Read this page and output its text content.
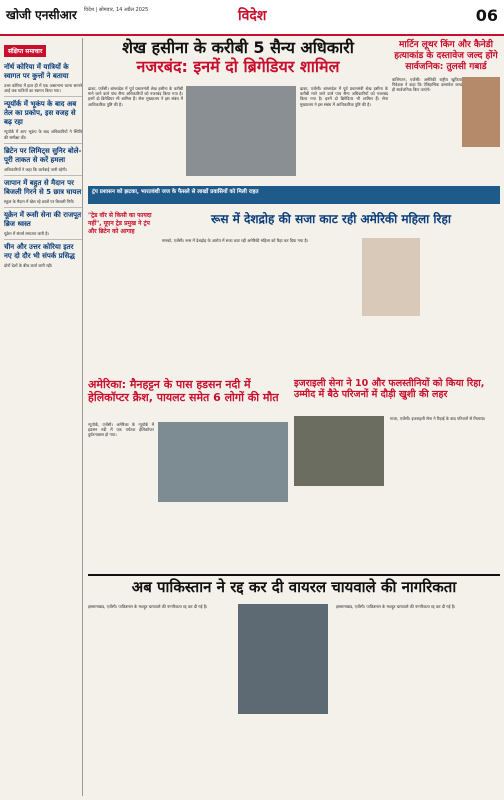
खोजी एनसीआर विदेश | सोमवार, 14 अप्रैल 2025	विदेश	06
संक्षिप्त समाचार
नॉर्थ कोरिया में यात्रियों के स्वागत पर कुत्तों ने बताया
उत्तर कोरिया में हाल ही में एक असामान्य घटना सामने आई जब यात्रियों का स्वागत किया गया।
न्यूयॉर्क में भूकंप के बाद अब तेल का प्रकोप, इस वजह से बढ़ रहा
न्यूयॉर्क में आए भूकंप के बाद अधिकारियों ने स्थिति की समीक्षा की।
ब्रिटेन पर लिमिट्स सुनिर बोले- पूरी ताकत से करें हमला
अधिकारियों ने कहा कि कार्रवाई जारी रहेगी।
जापान में बहुत से मैदान पर बिजली गिरने से 5 छात्र घायल
स्कूल के मैदान में खेल रहे छात्रों पर बिजली गिरी।
यूक्रेन में रूसी सेना की राजपूत ब्रिज ध्वस्त
यूक्रेन में संघर्ष लगातार जारी है।
चीन और उत्तर कोरिया इतर नए दो दौर भी संपर्क प्रसिद्ध
दोनों देशों के बीच वार्ता जारी रही।
शेख हसीना के करीबी 5 सैन्य अधिकारी
नजरबंद: इनमें दो ब्रिगेडियर शामिल
ढाका, एजेंसी। बांग्लादेश में पूर्व प्रधानमंत्री शेख हसीना के करीबी माने जाने वाले पांच सैन्य अधिकारियों को नजरबंद किया गया है। इनमें दो ब्रिगेडियर भी शामिल हैं। सेना मुख्यालय ने इस संबंध में आधिकारिक पुष्टि की है।
ढाका, एजेंसी। बांग्लादेश में पूर्व प्रधानमंत्री शेख हसीना के करीबी माने जाने वाले पांच सैन्य अधिकारियों को नजरबंद किया गया है। इनमें दो ब्रिगेडियर भी शामिल हैं। सेना मुख्यालय ने इस संबंध में आधिकारिक पुष्टि की है।
मार्टिन लूथर किंग और कैनेडी हत्याकांड के दस्तावेज जल्द होंगे सार्वजनिक: तुलसी गबार्ड
वाशिंगटन, एजेंसी। अमेरिकी राष्ट्रीय खुफिया निदेशक ने कहा कि ऐतिहासिक दस्तावेज जल्द ही सार्वजनिक किए जाएंगे।
ट्रंप प्रशासन को झटका, भारतवंशी जज के फैसले से लाखों प्रवासियों को मिली राहत
"ट्रेड वॉर से किसी का फायदा नहीं", यूएन ट्रेड प्रमुख ने ट्रंप और ब्रिटेन को आगाह
रूस में देशद्रोह की सजा काट रही अमेरिकी महिला रिहा
मास्को, एजेंसी। रूस में देशद्रोह के आरोप में सजा काट रही अमेरिकी महिला को रिहा कर दिया गया है।
अमेरिका: मैनहट्टन के पास हडसन नदी में हेलिकॉप्टर क्रैश, पायलट समेत 6 लोगों की मौत
न्यूयॉर्क, एजेंसी। अमेरिका के न्यूयॉर्क में हडसन नदी में एक पर्यटक हेलिकॉप्टर दुर्घटनाग्रस्त हो गया।
इजराइली सेना ने 10 और फलस्तीनियों को किया रिहा, उम्मीद में बैठे परिजनों में दौड़ी खुशी की लहर
गाजा, एजेंसी। इजराइली सेना ने रिहाई के बाद परिजनों से मिलाया।
अब पाकिस्तान ने रद्द कर दी वायरल चायवाले की नागरिकता
इस्लामाबाद, एजेंसी। पाकिस्तान के मशहूर चायवाले की नागरिकता रद्द कर दी गई है।	इस्लामाबाद, एजेंसी। पाकिस्तान के मशहूर चायवाले की नागरिकता रद्द कर दी गई है।
